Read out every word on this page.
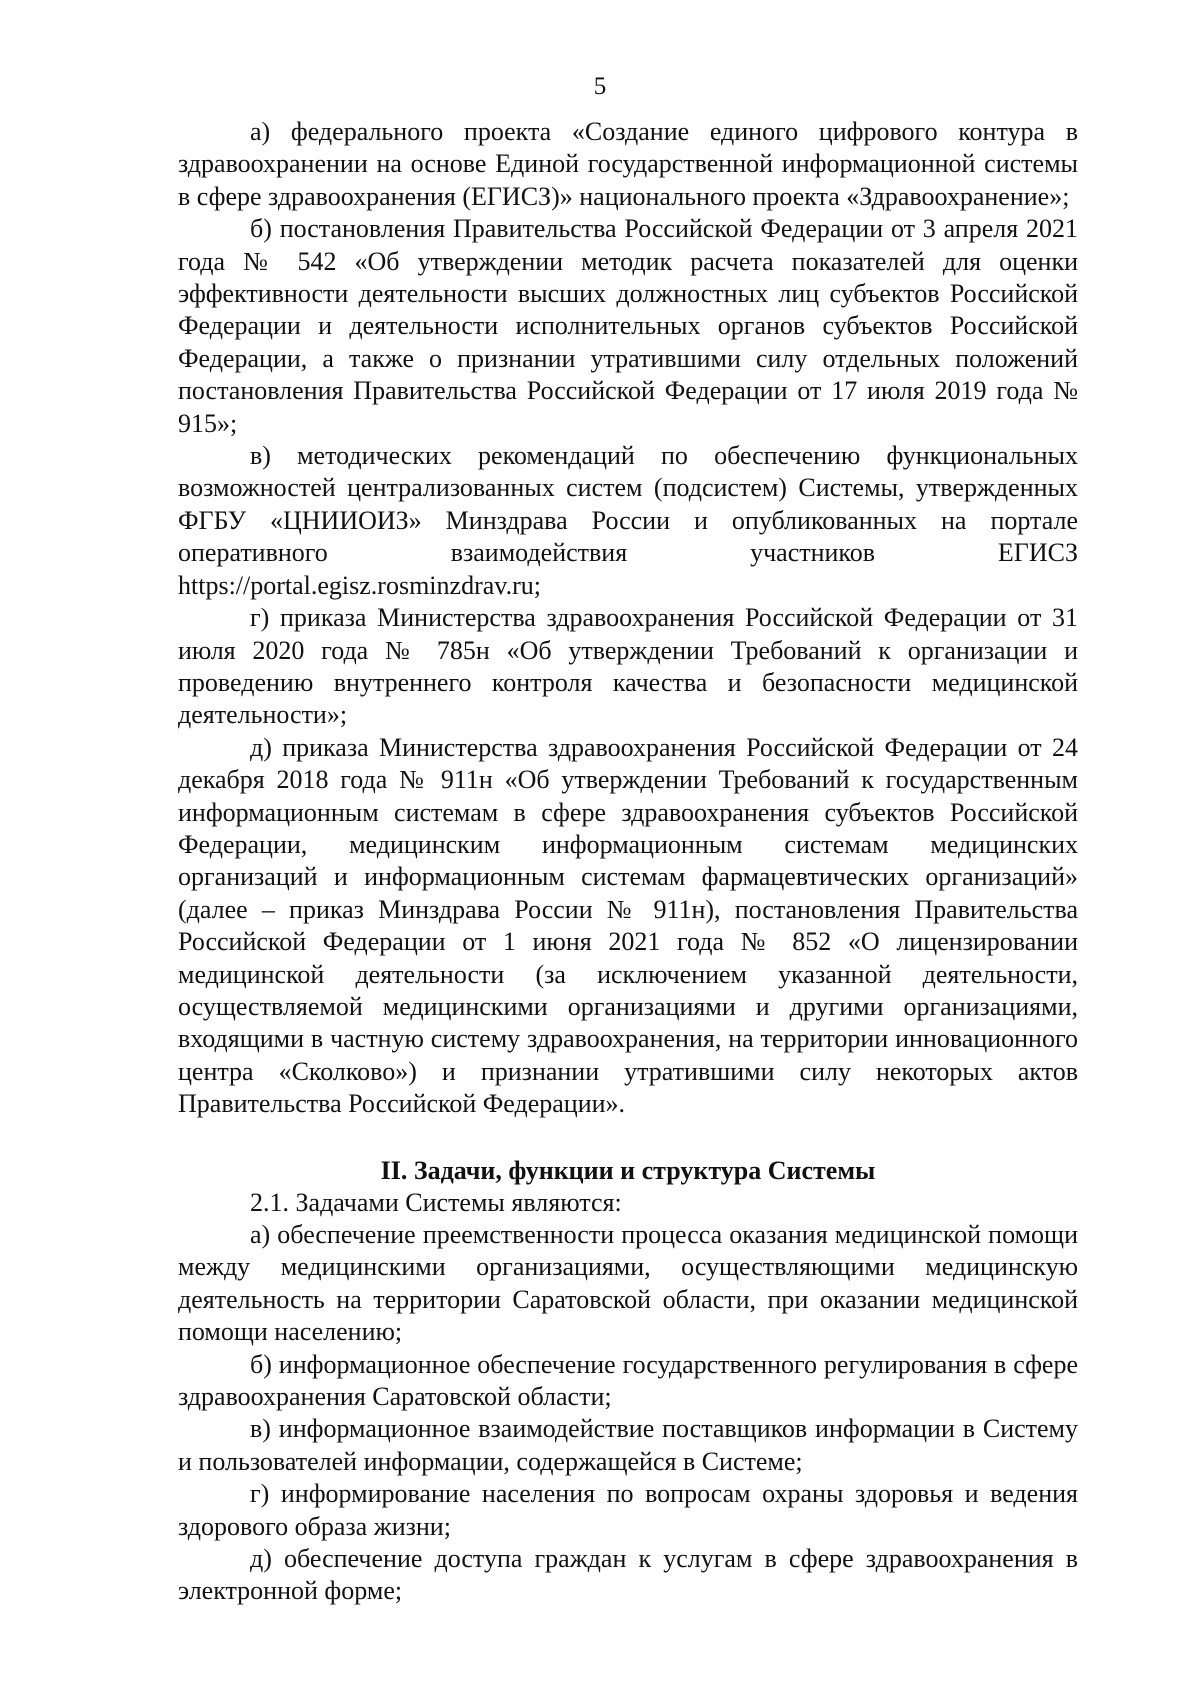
5

а) федерального проекта «Создание единого цифрового контура в здравоохранении на основе Единой государственной информационной системы в сфере здравоохранения (ЕГИСЗ)» национального проекта «Здравоохранение»;

б) постановления Правительства Российской Федерации от 3 апреля 2021 года № 542 «Об утверждении методик расчета показателей для оценки эффективности деятельности высших должностных лиц субъектов Российской Федерации и деятельности исполнительных органов субъектов Российской Федерации, а также о признании утратившими силу отдельных положений постановления Правительства Российской Федерации от 17 июля 2019 года № 915»;

в) методических рекомендаций по обеспечению функциональных возможностей централизованных систем (подсистем) Системы, утвержденных ФГБУ «ЦНИИОИЗ» Минздрава России и опубликованных на портале оперативного взаимодействия участников ЕГИСЗ https://portal.egisz.rosminzdrav.ru;

г) приказа Министерства здравоохранения Российской Федерации от 31 июля 2020 года № 785н «Об утверждении Требований к организации и проведению внутреннего контроля качества и безопасности медицинской деятельности»;

д) приказа Министерства здравоохранения Российской Федерации от 24 декабря 2018 года № 911н «Об утверждении Требований к государственным информационным системам в сфере здравоохранения субъектов Российской Федерации, медицинским информационным системам медицинских организаций и информационным системам фармацевтических организаций» (далее – приказ Минздрава России № 911н), постановления Правительства Российской Федерации от 1 июня 2021 года № 852 «О лицензировании медицинской деятельности (за исключением указанной деятельности, осуществляемой медицинскими организациями и другими организациями, входящими в частную систему здравоохранения, на территории инновационного центра «Сколково») и признании утратившими силу некоторых актов Правительства Российской Федерации».

II. Задачи, функции и структура Системы

2.1. Задачами Системы являются:

а) обеспечение преемственности процесса оказания медицинской помощи между медицинскими организациями, осуществляющими медицинскую деятельность на территории Саратовской области, при оказании медицинской помощи населению;

б) информационное обеспечение государственного регулирования в сфере здравоохранения Саратовской области;

в) информационное взаимодействие поставщиков информации в Систему и пользователей информации, содержащейся в Системе;

г) информирование населения по вопросам охраны здоровья и ведения здорового образа жизни;

д) обеспечение доступа граждан к услугам в сфере здравоохранения в электронной форме;
